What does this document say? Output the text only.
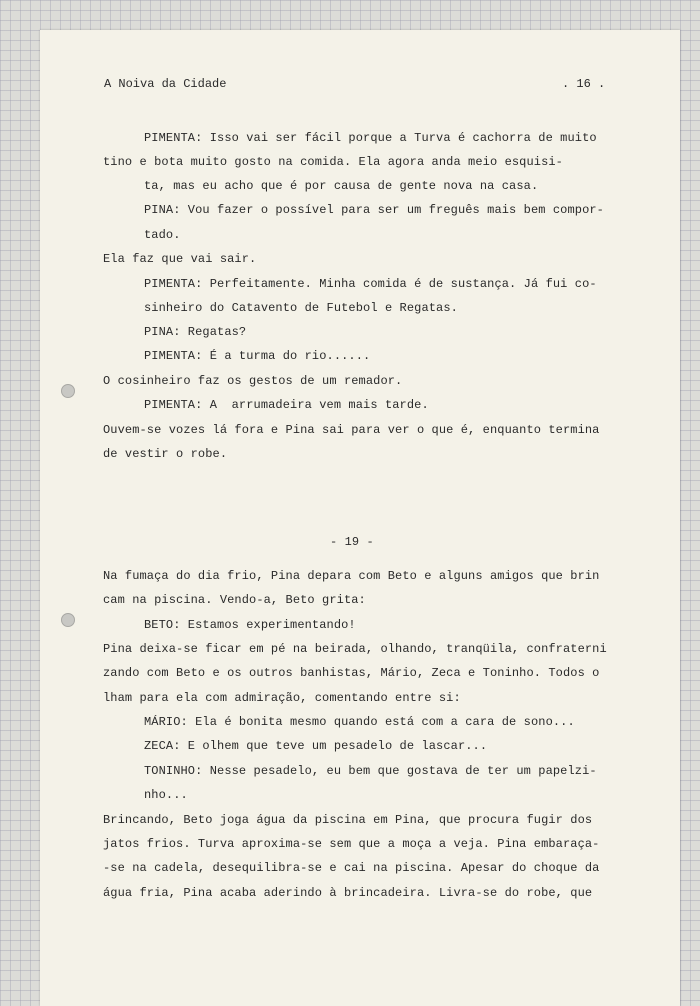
A Noiva da Cidade	. 16 .

PIMENTA: Isso vai ser fácil porque a Turva é cachorra de muito

tino e bota muito gosto na comida. Ela agora anda meio esquisi-

ta, mas eu acho que é por causa de gente nova na casa.

PINA: Vou fazer o possível para ser um freguês mais bem compor-

tado.

Ela faz que vai sair.

PIMENTA: Perfeitamente. Minha comida é de sustança. Já fui co-

sinheiro do Catavento de Futebol e Regatas.

PINA: Regatas?

PIMENTA: É a turma do rio......

O cosinheiro faz os gestos de um remador.

PIMENTA: A  arrumadeira vem mais tarde.

Ouvem-se vozes lá fora e Pina sai para ver o que é, enquanto termina

de vestir o robe.

- 19 -

Na fumaça do dia frio, Pina depara com Beto e alguns amigos que brin

cam na piscina. Vendo-a, Beto grita:

BETO: Estamos experimentando!

Pina deixa-se ficar em pé na beirada, olhando, tranqüila, confraterni

zando com Beto e os outros banhistas, Mário, Zeca e Toninho. Todos o

lham para ela com admiração, comentando entre si:

MÁRIO: Ela é bonita mesmo quando está com a cara de sono...

ZECA: E olhem que teve um pesadelo de lascar...

TONINHO: Nesse pesadelo, eu bem que gostava de ter um papelzi-

nho...

Brincando, Beto joga água da piscina em Pina, que procura fugir dos

jatos frios. Turva aproxima-se sem que a moça a veja. Pina embaraça-

-se na cadela, desequilibra-se e cai na piscina. Apesar do choque da

água fria, Pina acaba aderindo à brincadeira. Livra-se do robe, que
